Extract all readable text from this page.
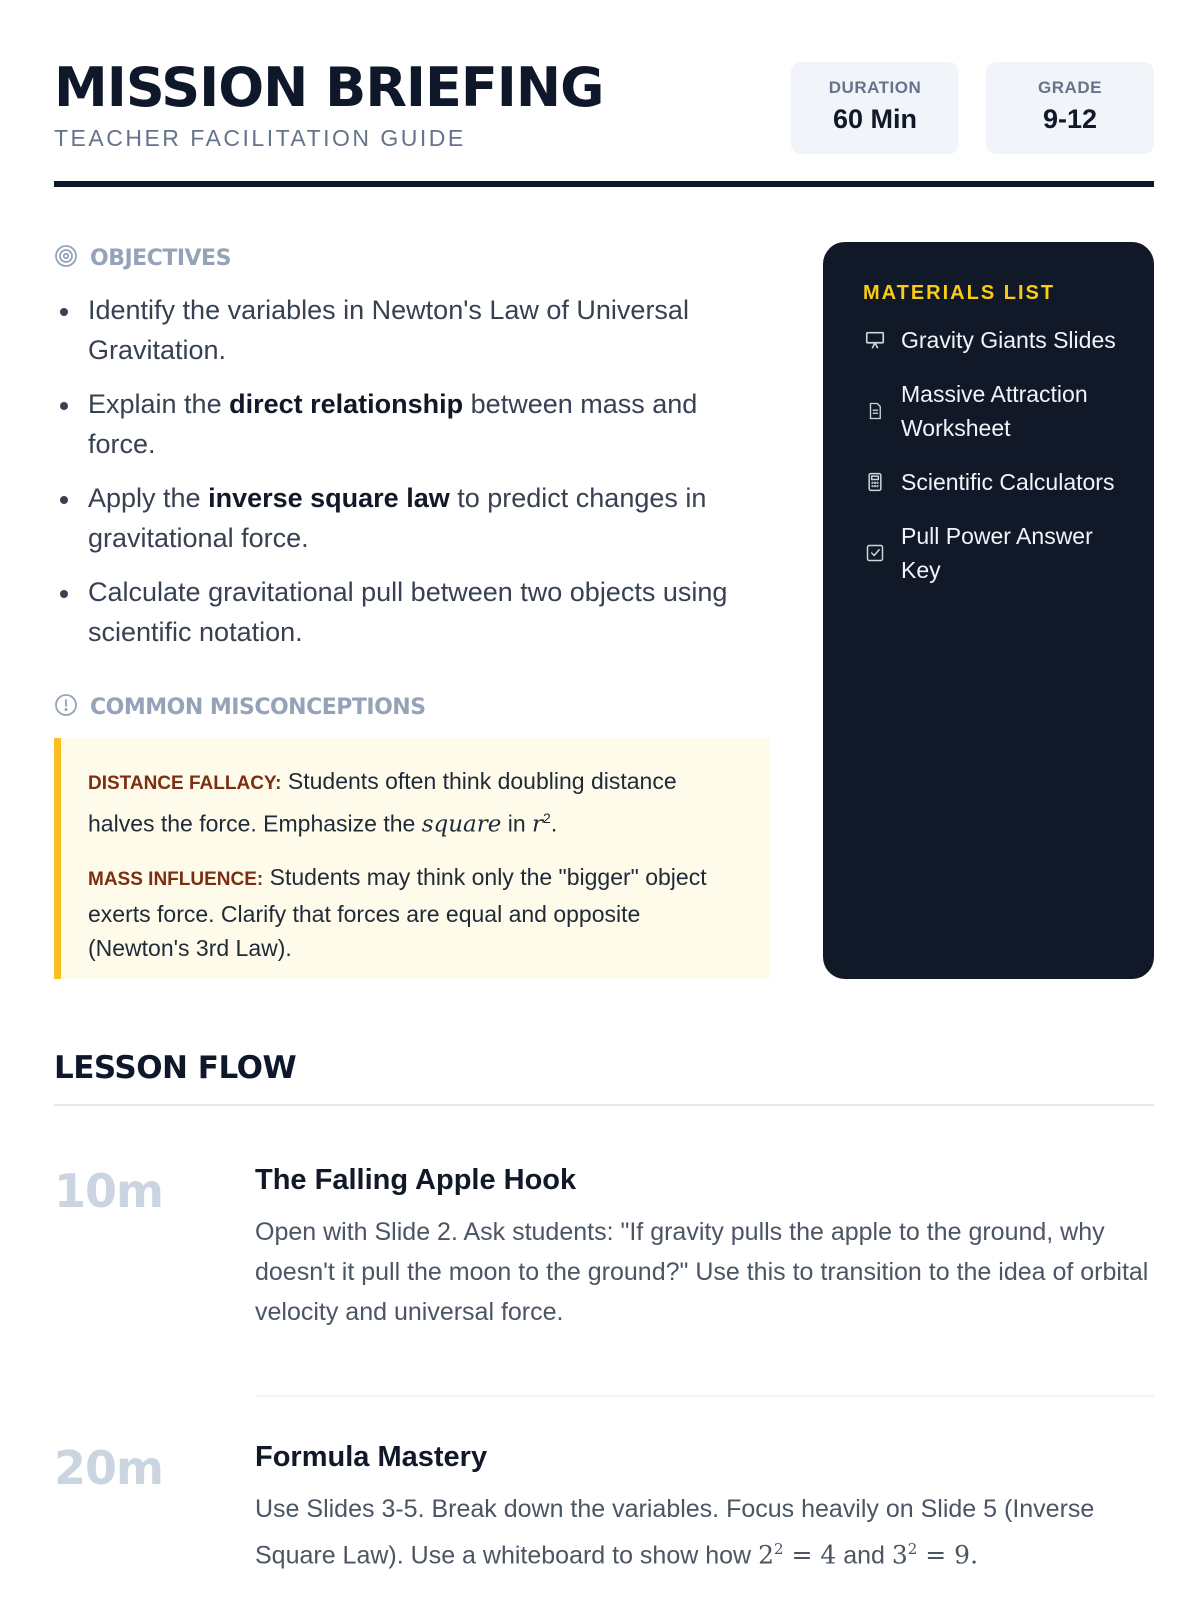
MISSION BRIEFING
TEACHER FACILITATION GUIDE
DURATION
60 Min
GRADE
9-12
OBJECTIVES
Identify the variables in Newton's Law of Universal Gravitation.
Explain the direct relationship between mass and force.
Apply the inverse square law to predict changes in gravitational force.
Calculate gravitational pull between two objects using scientific notation.
COMMON MISCONCEPTIONS

DISTANCE FALLACY: Students often think doubling distance halves the force. Emphasize the square in $r^2$.

MASS INFLUENCE: Students may think only the "bigger" object exerts force. Clarify that forces are equal and opposite (Newton's 3rd Law).

MATERIALS LIST
Gravity Giants Slides
Massive Attraction Worksheet
Scientific Calculators
Pull Power Answer Key
LESSON FLOW
10m	The Falling Apple Hook

Open with Slide 2. Ask students: "If gravity pulls the apple to the ground, why doesn't it pull the moon to the ground?" Use this to transition to the idea of orbital velocity and universal force.

20m	Formula Mastery

Use Slides 3-5. Break down the variables. Focus heavily on Slide 5 (Inverse Square Law). Use a whiteboard to show how $2^2 = 4$ and $3^2 = 9$.
